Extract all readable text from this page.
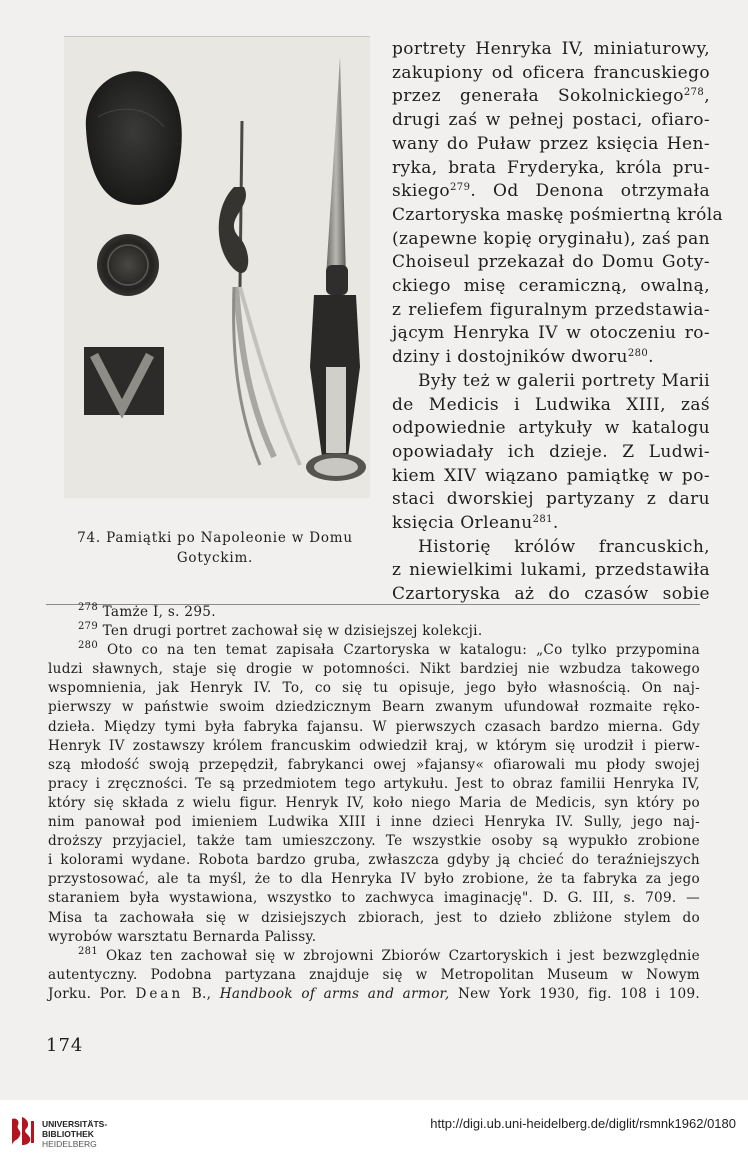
74. Pamiątki po Napoleonie w Domu
Gotyckim.
portrety Henryka IV, miniaturowy,
zakupiony od oficera francuskiego
przez generała Sokolnickiego$^{278}$,
drugi zaś w pełnej postaci, ofiaro-
wany do Puław przez księcia Hen-
ryka, brata Fryderyka, króla pru-
skiego$^{279}$. Od Denona otrzymała
Czartoryska maskę pośmiertną króla
(zapewne kopię oryginału), zaś pan
Choiseul przekazał do Domu Goty-
ckiego misę ceramiczną, owalną,
z reliefem figuralnym przedstawia-
jącym Henryka IV w otoczeniu ro-
dziny i dostojników dworu$^{280}$.
Były też w galerii portrety Marii
de Medicis i Ludwika XIII, zaś
odpowiednie artykuły w katalogu
opowiadały ich dzieje. Z Ludwi-
kiem XIV wiązano pamiątkę w po-
staci dworskiej partyzany z daru
księcia Orleanu$^{281}$.
Historię królów francuskich,
z niewielkimi lukami, przedstawiła
Czartoryska aż do czasów sobie
$^{278}$ Tamże I, s. 295.
$^{279}$ Ten drugi portret zachował się w dzisiejszej kolekcji.
$^{280}$ Oto co na ten temat zapisała Czartoryska w katalogu: „Co tylko przypomina
ludzi sławnych, staje się drogie w potomności. Nikt bardziej nie wzbudza takowego
wspomnienia, jak Henryk IV. To, co się tu opisuje, jego było własnością. On naj-
pierwszy w państwie swoim dziedzicznym Bearn zwanym ufundował rozmaite ręko-
dzieła. Między tymi była fabryka fajansu. W pierwszych czasach bardzo mierna. Gdy
Henryk IV zostawszy królem francuskim odwiedził kraj, w którym się urodził i pierw-
szą młodość swoją przepędził, fabrykanci owej »fajansy« ofiarowali mu płody swojej
pracy i zręczności. Te są przedmiotem tego artykułu. Jest to obraz familii Henryka IV,
który się składa z wielu figur. Henryk IV, koło niego Maria de Medicis, syn który po
nim panował pod imieniem Ludwika XIII i inne dzieci Henryka IV. Sully, jego naj-
droższy przyjaciel, także tam umieszczony. Te wszystkie osoby są wypukło zrobione
i kolorami wydane. Robota bardzo gruba, zwłaszcza gdyby ją chcieć do teraźniejszych
przystosować, ale ta myśl, że to dla Henryka IV było zrobione, że ta fabryka za jego
staraniem była wystawiona, wszystko to zachwyca imaginację". D. G. III, s. 709. —
Misa ta zachowała się w dzisiejszych zbiorach, jest to dzieło zbliżone stylem do
wyrobów warsztatu Bernarda Palissy.
$^{281}$ Okaz ten zachował się w zbrojowni Zbiorów Czartoryskich i jest bezwzględnie
autentyczny. Podobna partyzana znajduje się w Metropolitan Museum w Nowym
Jorku. Por. Dean B., Handbook of arms and armor, New York 1930, fig. 108 i 109.
174
UNIVERSITÄTS-
BIBLIOTHEK
HEIDELBERG
http://digi.ub.uni-heidelberg.de/diglit/rsmnk1962/0180
